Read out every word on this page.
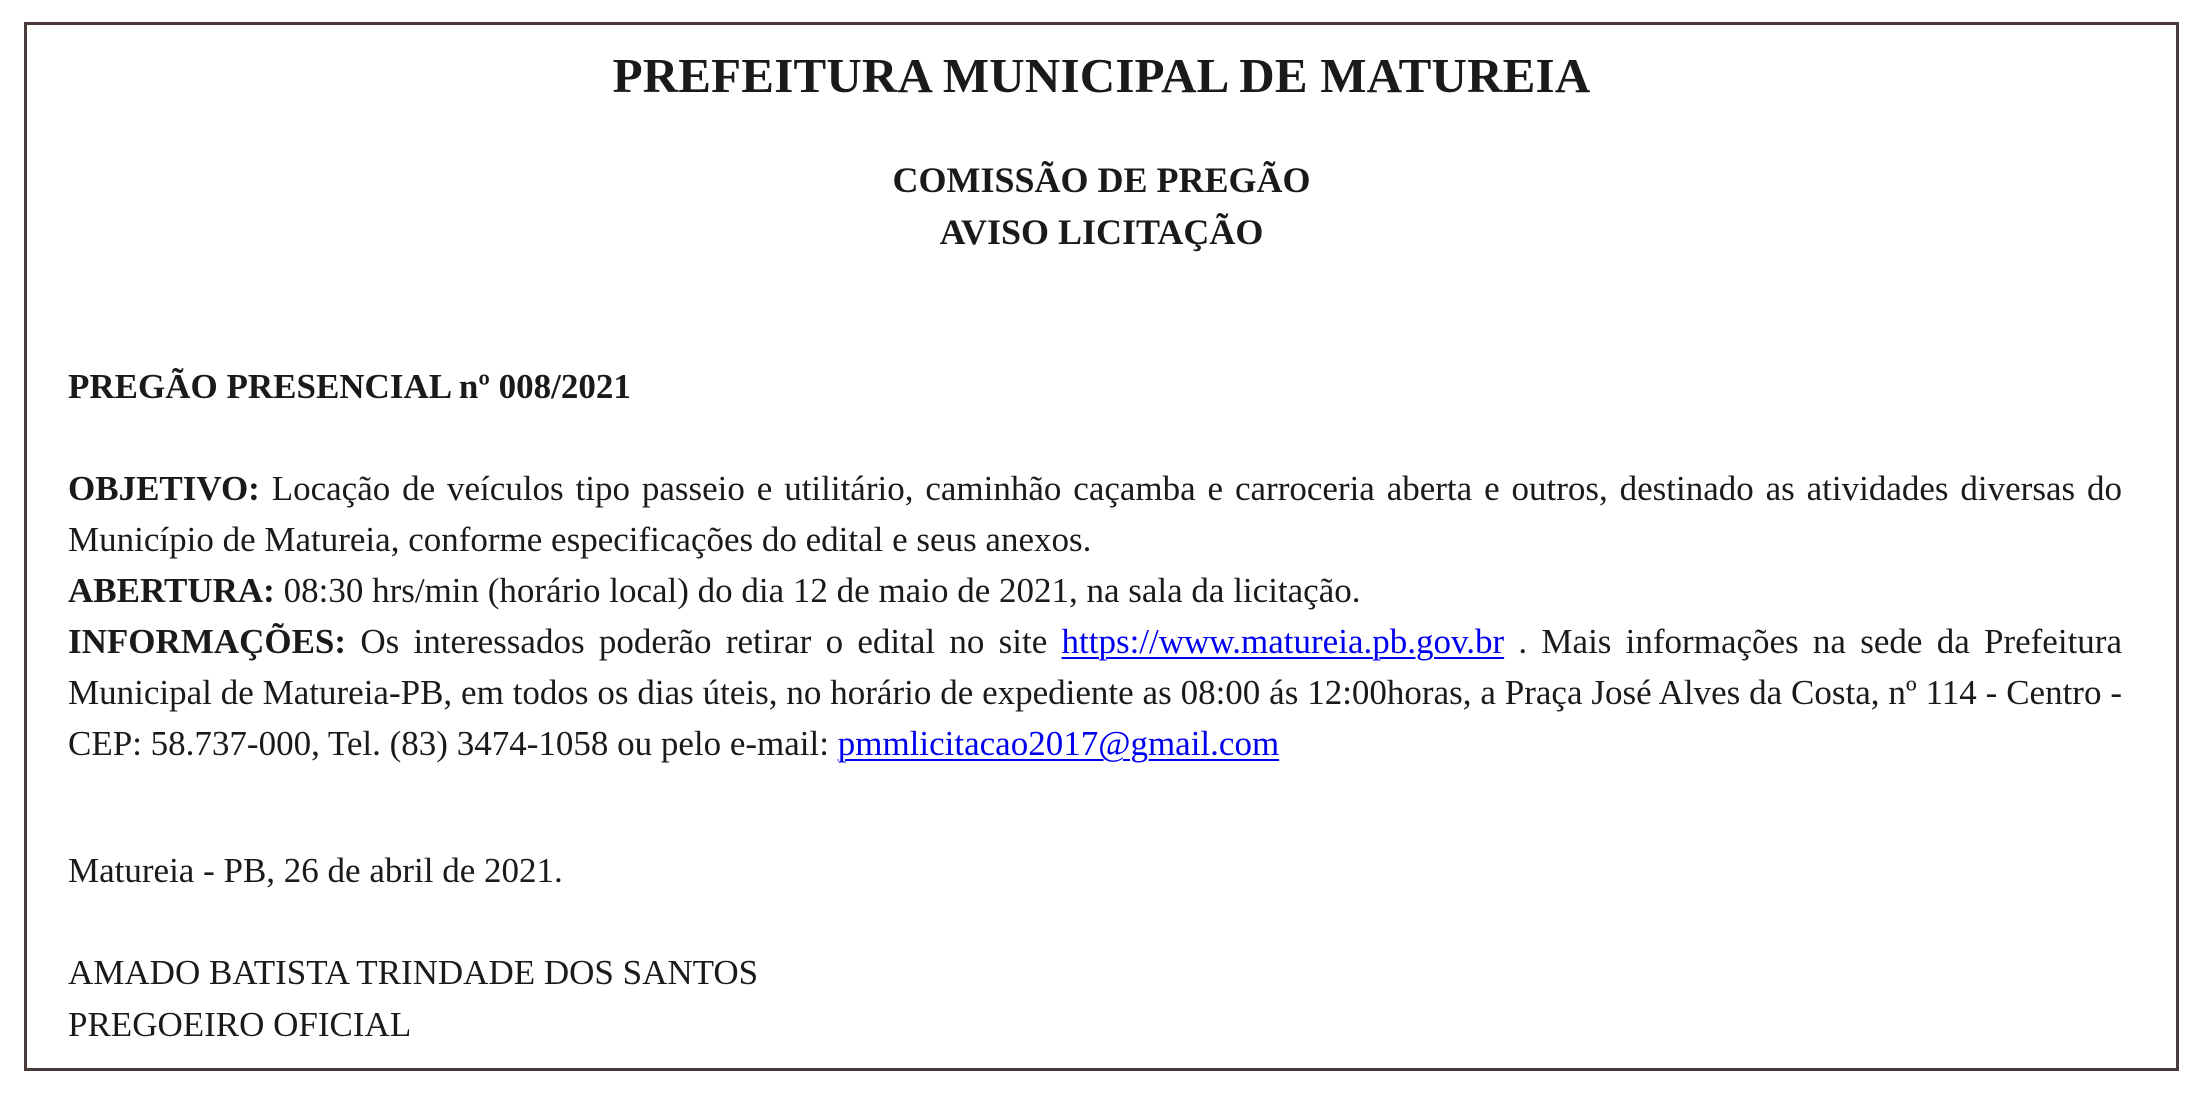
PREFEITURA MUNICIPAL DE MATUREIA
COMISSÃO DE PREGÃO
AVISO LICITAÇÃO
PREGÃO PRESENCIAL nº 008/2021

OBJETIVO: Locação de veículos tipo passeio e utilitário, caminhão caçamba e carroceria aberta e outros, destinado as atividades diversas do Município de Matureia, conforme especificações do edital e seus anexos.

ABERTURA: 08:30 hrs/min (horário local) do dia 12 de maio de 2021, na sala da licitação.

INFORMAÇÕES: Os interessados poderão retirar o edital no site https://www.matureia.pb.gov.br . Mais informações na sede da Prefeitura Municipal de Matureia-PB, em todos os dias úteis, no horário de expediente as 08:00 ás 12:00horas, a Praça José Alves da Costa, nº 114 - Centro - CEP: 58.737-000, Tel. (83) 3474-1058 ou pelo e-mail: pmmlicitacao2017@gmail.com

Matureia - PB, 26 de abril de 2021.
AMADO BATISTA TRINDADE DOS SANTOS
PREGOEIRO OFICIAL
